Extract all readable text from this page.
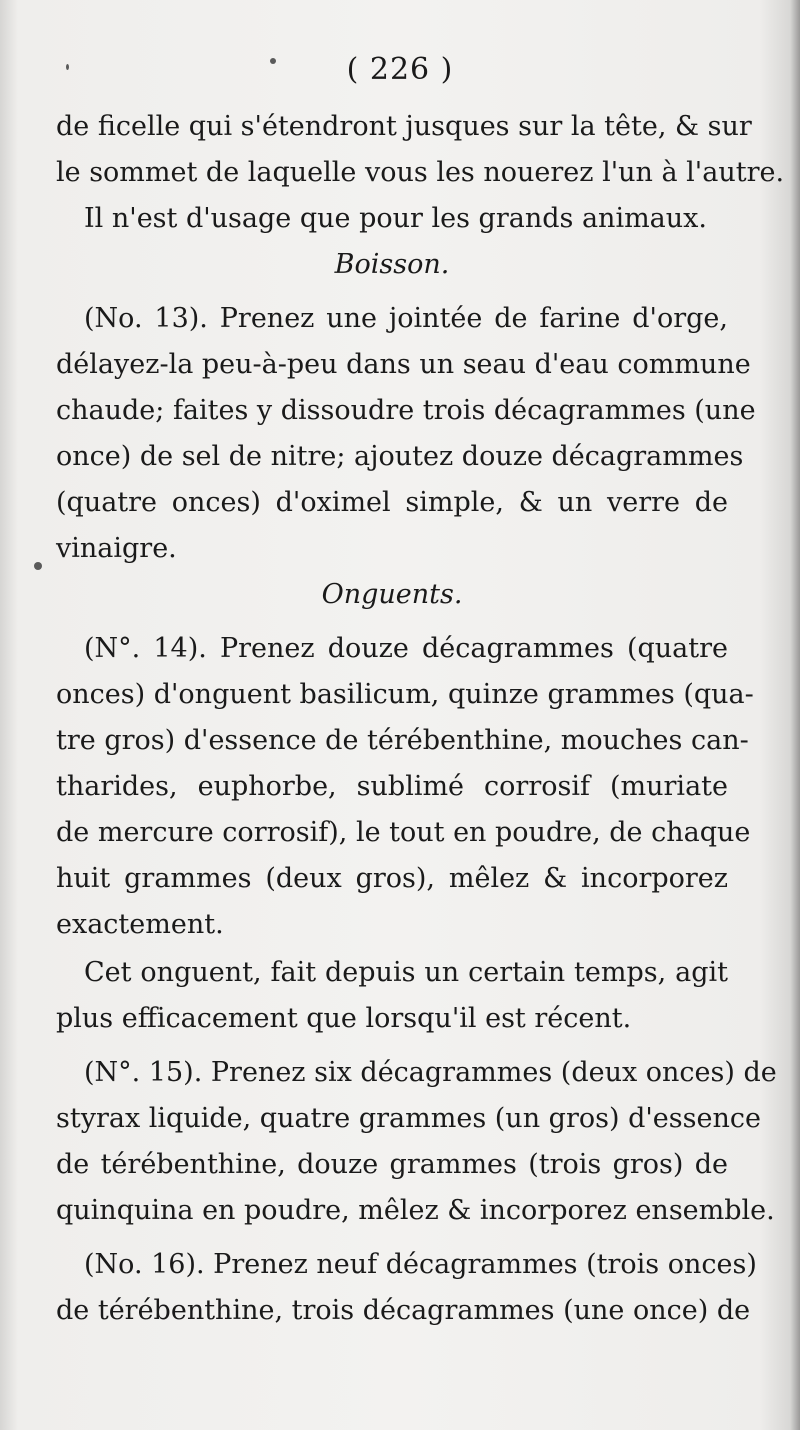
( 226 )
de ficelle qui s'étendront jusques sur la tête, & sur
le sommet de laquelle vous les nouerez l'un à l'autre.
Il n'est d'usage que pour les grands animaux.
Boisson.
(No. 13). Prenez une jointée de farine d'orge,
délayez-la peu-à-peu dans un seau d'eau commune
chaude; faites y dissoudre trois décagrammes (une
once) de sel de nitre; ajoutez douze décagrammes
(quatre onces) d'oximel simple, & un verre de
vinaigre.
Onguents.
(N°. 14). Prenez douze décagrammes (quatre
onces) d'onguent basilicum, quinze grammes (qua-
tre gros) d'essence de térébenthine, mouches can-
tharides, euphorbe, sublimé corrosif (muriate
de mercure corrosif), le tout en poudre, de chaque
huit grammes (deux gros), mêlez & incorporez
exactement.
Cet onguent, fait depuis un certain temps, agit
plus efficacement que lorsqu'il est récent.
(N°. 15). Prenez six décagrammes (deux onces) de
styrax liquide, quatre grammes (un gros) d'essence
de térébenthine, douze grammes (trois gros) de
quinquina en poudre, mêlez & incorporez ensemble.
(No. 16). Prenez neuf décagrammes (trois onces)
de térébenthine, trois décagrammes (une once) de
